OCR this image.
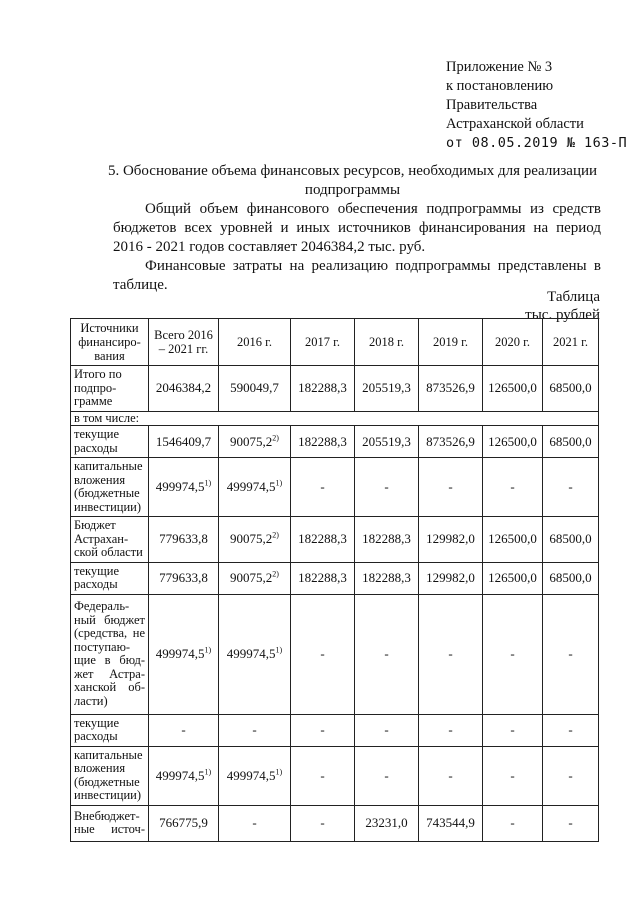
Приложение № 3
к постановлению
Правительства
Астраханской области
от 08.05.2019 № 163-П
5. Обоснование объема финансовых ресурсов, необходимых для реализации подпрограммы
Общий объем финансового обеспечения подпрограммы из средств бюджетов всех уровней и иных источников финансирования на период 2016 - 2021 годов составляет 2046384,2 тыс. руб.
Финансовые затраты на реализацию подпрограммы представлены в таблице.
Таблица
тыс. рублей
Источники финансиро-вания	Всего 2016 – 2021 гг.	2016 г.	2017 г.	2018 г.	2019 г.	2020 г.	2021 г.
Итого по подпро-грамме	2046384,2	590049,7	182288,3	205519,3	873526,9	126500,0	68500,0
в том числе:							
текущие расходы	1546409,7	90075,2$^{2)}$	182288,3	205519,3	873526,9	126500,0	68500,0
капитальные вложения (бюджетные инвестиции)	499974,5$^{1)}$	499974,5$^{1)}$	-	-	-	-	-
Бюджет Астрахан-ской области	779633,8	90075,2$^{2)}$	182288,3	182288,3	129982,0	126500,0	68500,0
текущие расходы	779633,8	90075,2$^{2)}$	182288,3	182288,3	129982,0	126500,0	68500,0
Федераль-ный бюджет (средства, не поступаю-щие в бюд-жет Астра-ханской об-ласти)	499974,5$^{1)}$	499974,5$^{1)}$	-	-	-	-	-
текущие расходы	-	-	-	-	-	-	-
капитальные вложения (бюджетные инвестиции)	499974,5$^{1)}$	499974,5$^{1)}$	-	-	-	-	-
Внебюджет-ные источ-	766775,9	-	-	23231,0	743544,9	-	-
